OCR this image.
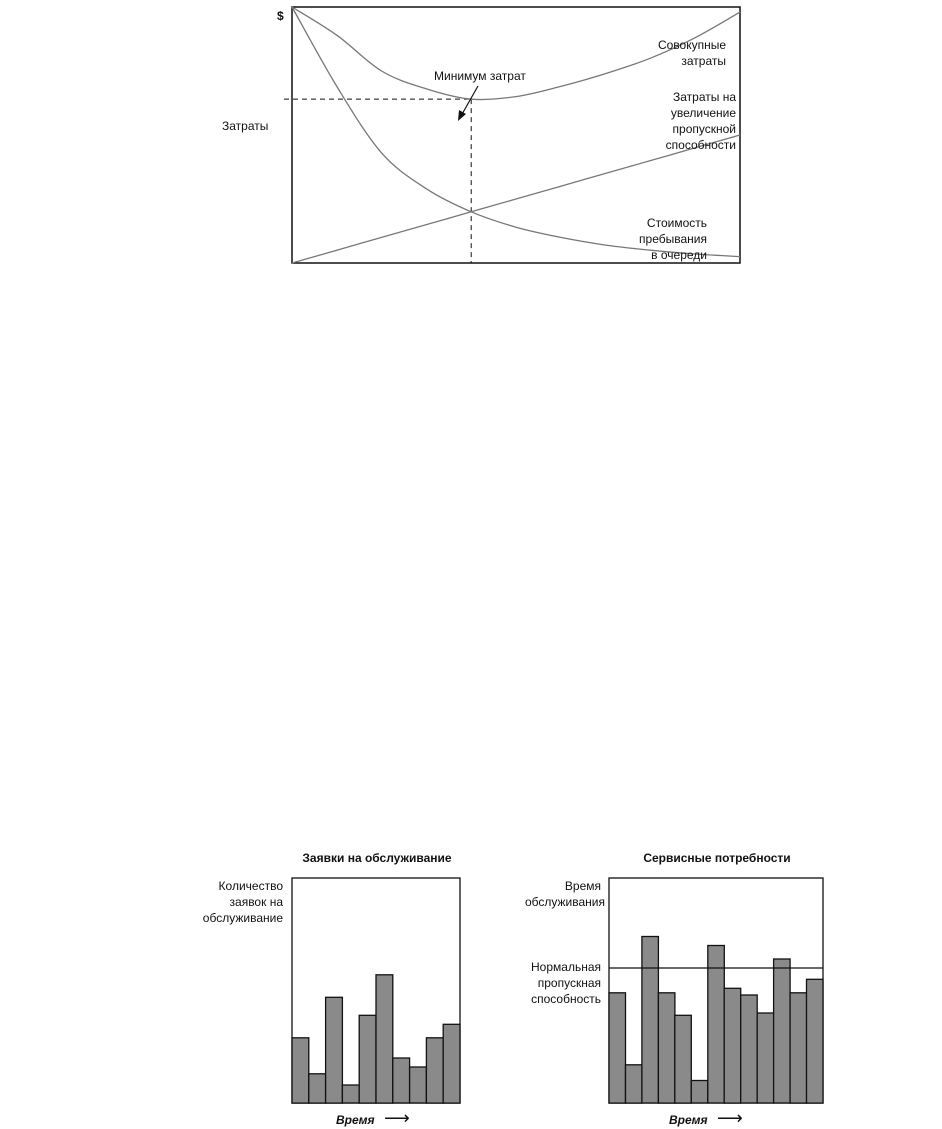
$
Затраты
Минимум затрат
Совокупные
затраты
Затраты на
увеличение
пропускной
способности
Стоимость
пребывания
в очереди
Заявки на обслуживание
Количество
заявок на
обслуживание
Время ⟶
Сервисные потребности
Время
обслуживания
Нормальная
пропускная
способность
Время ⟶
